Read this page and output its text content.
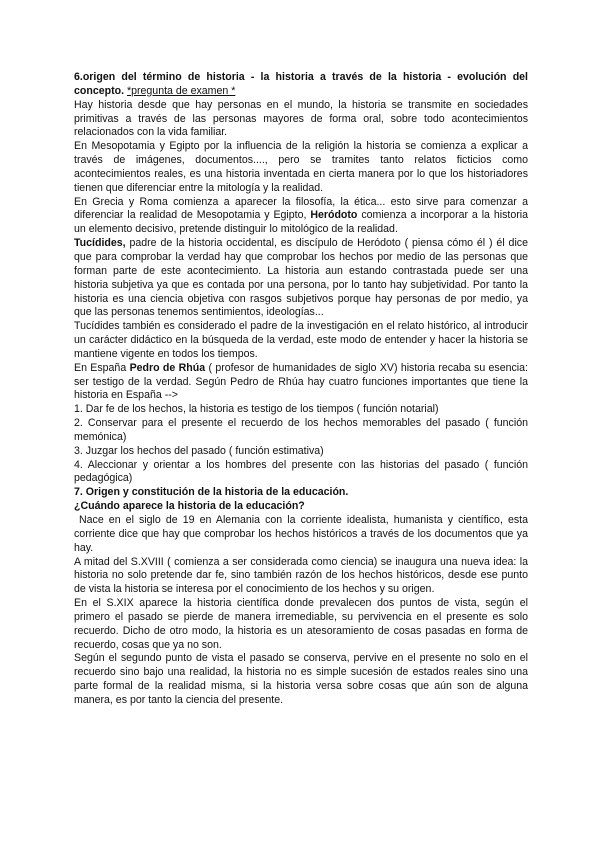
6.origen del término de historia - la historia a través de la historia - evolución del concepto. *pregunta de examen *

Hay historia desde que hay personas en el mundo, la historia se transmite en sociedades primitivas a través de las personas mayores de forma oral, sobre todo acontecimientos relacionados con la vida familiar.

En Mesopotamia y Egipto por la influencia de la religión la historia se comienza a explicar a través de imágenes, documentos...., pero se tramites tanto relatos ficticios como acontecimientos reales, es una historia inventada en cierta manera por lo que los historiadores tienen que diferenciar entre la mitología y la realidad.

En Grecia y Roma comienza a aparecer la filosofía, la ética... esto sirve para comenzar a diferenciar la realidad de Mesopotamia y Egipto, Heródoto comienza a incorporar a la historia un elemento decisivo, pretende distinguir lo mitológico de la realidad.

Tucídides, padre de la historia occidental, es discípulo de Heródoto ( piensa cómo él ) él dice que para comprobar la verdad hay que comprobar los hechos por medio de las personas que forman parte de este acontecimiento. La historia aun estando contrastada puede ser una historia subjetiva ya que es contada por una persona, por lo tanto hay subjetividad. Por tanto la historia es una ciencia objetiva con rasgos subjetivos porque hay personas de por medio, ya que las personas tenemos sentimientos, ideologías...

Tucídides también es considerado el padre de la investigación en el relato histórico, al introducir un carácter didáctico en la búsqueda de la verdad, este modo de entender y hacer la historia se mantiene vigente en todos los tiempos.

En España Pedro de Rhúa ( profesor de humanidades de siglo XV) historia recaba su esencia: ser testigo de la verdad. Según Pedro de Rhúa hay cuatro funciones importantes que tiene la historia en España -->

1. Dar fe de los hechos, la historia es testigo de los tiempos ( función notarial)

2. Conservar para el presente el recuerdo de los hechos memorables del pasado ( función memónica)

3. Juzgar los hechos del pasado ( función estimativa)

4. Aleccionar y orientar a los hombres del presente con las historias del pasado ( función pedagógica)

7. Origen y constitución de la historia de la educación.

¿Cuándo aparece la historia de la educación?

Nace en el siglo de 19 en Alemania con la corriente idealista, humanista y científico, esta corriente dice que hay que comprobar los hechos históricos a través de los documentos que ya hay.

A mitad del S.XVIII ( comienza a ser considerada como ciencia) se inaugura una nueva idea: la historia no solo pretende dar fe, sino también razón de los hechos históricos, desde ese punto de vista la historia se interesa por el conocimiento de los hechos y su origen.

En el S.XIX aparece la historia científica donde prevalecen dos puntos de vista, según el primero el pasado se pierde de manera irremediable, su pervivencia en el presente es solo recuerdo. Dicho de otro modo, la historia es un atesoramiento de cosas pasadas en forma de recuerdo, cosas que ya no son.

Según el segundo punto de vista el pasado se conserva, pervive en el presente no solo en el recuerdo sino bajo una realidad, la historia no es simple sucesión de estados reales sino una parte formal de la realidad misma, si la historia versa sobre cosas que aún son de alguna manera, es por tanto la ciencia del presente.
